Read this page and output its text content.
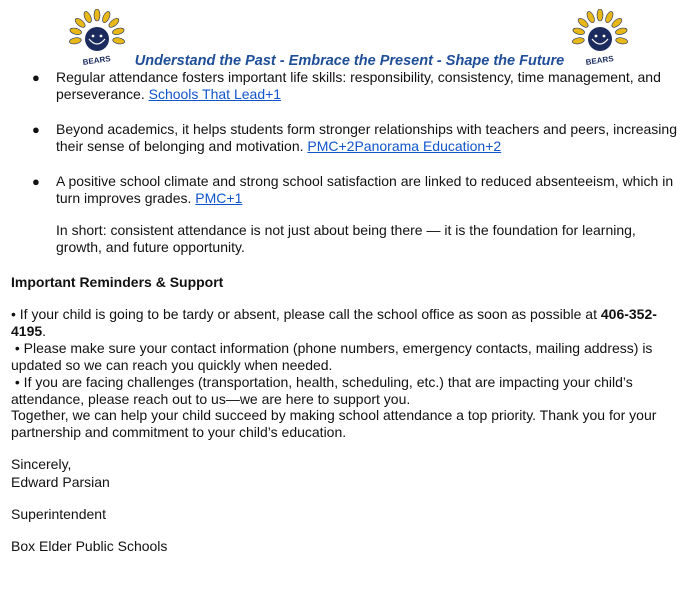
BEARS	BEARS
Understand the Past - Embrace the Present - Shape the Future
●	Regular attendance fosters important life skills: responsibility, consistency, time management, and perseverance. Schools That Lead+1
●	Beyond academics, it helps students form stronger relationships with teachers and peers, increasing their sense of belonging and motivation. PMC+2Panorama Education+2
●	A positive school climate and strong school satisfaction are linked to reduced absenteeism, which in turn improves grades. PMC+1
In short: consistent attendance is not just about being there — it is the foundation for learning, growth, and future opportunity.
Important Reminders & Support
• If your child is going to be tardy or absent, please call the school office as soon as possible at 406-352-4195.
• Please make sure your contact information (phone numbers, emergency contacts, mailing address) is updated so we can reach you quickly when needed.
• If you are facing challenges (transportation, health, scheduling, etc.) that are impacting your child’s attendance, please reach out to us—we are here to support you.
Together, we can help your child succeed by making school attendance a top priority. Thank you for your partnership and commitment to your child’s education.
Sincerely,
Edward Parsian
Superintendent
Box Elder Public Schools
